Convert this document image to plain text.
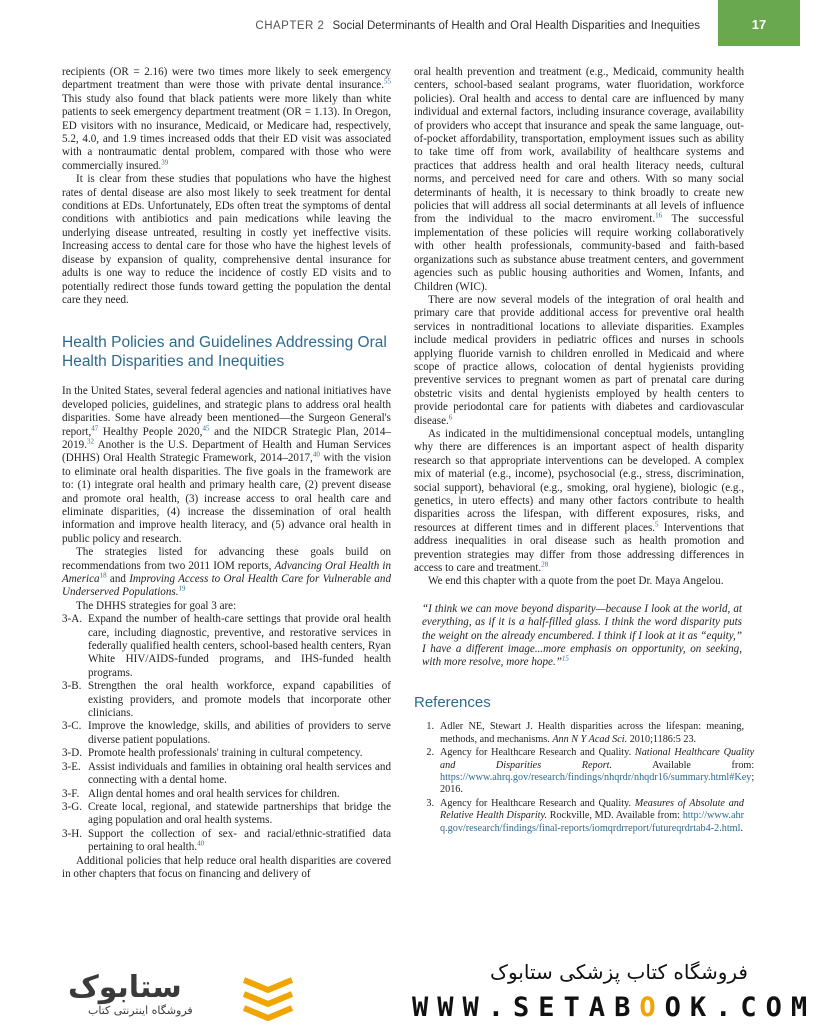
CHAPTER 2 Social Determinants of Health and Oral Health Disparities and Inequities	17

recipients (OR = 2.16) were two times more likely to seek emergency department treatment than were those with private dental insurance.$^{55}$ This study also found that black patients were more likely than white patients to seek emergency department treatment (OR = 1.13). In Oregon, ED visitors with no insurance, Medicaid, or Medicare had, respectively, 5.2, 4.0, and 1.9 times increased odds that their ED visit was associated with a nontraumatic dental problem, compared with those who were commercially insured.$^{39}$

It is clear from these studies that populations who have the highest rates of dental disease are also most likely to seek treatment for dental conditions at EDs. Unfortunately, EDs often treat the symptoms of dental conditions with antibiotics and pain medications while leaving the underlying disease untreated, resulting in costly yet ineffective visits. Increasing access to dental care for those who have the highest levels of disease by expansion of quality, comprehensive dental insurance for adults is one way to reduce the incidence of costly ED visits and to potentially redirect those funds toward getting the population the dental care they need.

Health Policies and Guidelines Addressing Oral Health Disparities and Inequities

In the United States, several federal agencies and national initiatives have developed policies, guidelines, and strategic plans to address oral health disparities. Some have already been mentioned—the Surgeon General's report,$^{47}$ Healthy People 2020,45 and the NIDCR Strategic Plan, 2014–2019.32 Another is the U.S. Department of Health and Human Services (DHHS) Oral Health Strategic Framework, 2014–2017,40 with the vision to eliminate oral health disparities. The five goals in the framework are to: (1) integrate oral health and primary health care, (2) prevent disease and promote oral health, (3) increase access to oral health care and eliminate disparities, (4) increase the dissemination of oral health information and improve health literacy, and (5) advance oral health in public policy and research.

The strategies listed for advancing these goals build on recommendations from two 2011 IOM reports, Advancing Oral Health in America$^{18}$ and Improving Access to Oral Health Care for Vulnerable and Underserved Populations.$^{19}$

The DHHS strategies for goal 3 are:

3-A. Expand the number of health-care settings that provide oral health care, including diagnostic, preventive, and restorative services in federally qualified health centers, school-based health centers, Ryan White HIV/AIDS-funded programs, and IHS-funded health programs.
3-B. Strengthen the oral health workforce, expand capabilities of existing providers, and promote models that incorporate other clinicians.
3-C. Improve the knowledge, skills, and abilities of providers to serve diverse patient populations.
3-D. Promote health professionals' training in cultural competency.
3-E. Assist individuals and families in obtaining oral health services and connecting with a dental home.
3-F. Align dental homes and oral health services for children.
3-G. Create local, regional, and statewide partnerships that bridge the aging population and oral health systems.
3-H. Support the collection of sex- and racial/ethnic-stratified data pertaining to oral health.$^{40}$

Additional policies that help reduce oral health disparities are covered in other chapters that focus on financing and delivery of

oral health prevention and treatment (e.g., Medicaid, community health centers, school-based sealant programs, water fluoridation, workforce policies). Oral health and access to dental care are influenced by many individual and external factors, including insurance coverage, availability of providers who accept that insurance and speak the same language, out-of-pocket affordability, transportation, employment issues such as ability to take time off from work, availability of healthcare systems and practices that address health and oral health literacy needs, cultural norms, and perceived need for care and others. With so many social determinants of health, it is necessary to think broadly to create new policies that will address all social determinants at all levels of influence from the individual to the macro enviroment.$^{16}$ The successful implementation of these policies will require working collaboratively with other health professionals, community-based and faith-based organizations such as substance abuse treatment centers, and government agencies such as public housing authorities and Women, Infants, and Children (WIC).

There are now several models of the integration of oral health and primary care that provide additional access for preventive oral health services in nontraditional locations to alleviate disparities. Examples include medical providers in pediatric offices and nurses in schools applying fluoride varnish to children enrolled in Medicaid and where scope of practice allows, colocation of dental hygienists providing preventive services to pregnant women as part of prenatal care during obstetric visits and dental hygienists employed by health centers to provide periodontal care for patients with diabetes and cardiovascular disease.$^6$

As indicated in the multidimensional conceptual models, untangling why there are differences is an important aspect of health disparity research so that appropriate interventions can be developed. A complex mix of material (e.g., income), psychosocial (e.g., stress, discrimination, social support), behavioral (e.g., smoking, oral hygiene), biologic (e.g., genetics, in utero effects) and many other factors contribute to health disparities across the lifespan, with different exposures, risks, and resources at different times and in different places.$^5$ Interventions that address inequalities in oral disease such as health promotion and prevention strategies may differ from those addressing differences in access to care and treatment.$^{28}$

We end this chapter with a quote from the poet Dr. Maya Angelou.

“I think we can move beyond disparity—because I look at the world, at everything, as if it is a half-filled glass. I think the word disparity puts the weight on the already encumbered. I think if I look at it as “equity,” I have a different image...more emphasis on opportunity, on seeking, with more resolve, more hope.”$^{15}$

References
1. Adler NE, Stewart J. Health disparities across the lifespan: meaning, methods, and mechanisms. Ann N Y Acad Sci. 2010;1186:5 23.
2. Agency for Healthcare Research and Quality. National Healthcare Quality and Disparities Report. Available from: https://www.ahrq.gov/research/findings/nhqrdr/nhqdr16/summary.html#Key; 2016.
3. Agency for Healthcare Research and Quality. Measures of Absolute and Relative Health Disparity. Rockville, MD. Available from: http://www.ahrq.gov/research/findings/final-reports/iomqrdrreport/futureqrdrtab4-2.html.
ستابوک
فروشگاه اینترنتی کتاب
فروشگاه کتاب پزشکی ستابوک
WWW.SETABOOK.COM
